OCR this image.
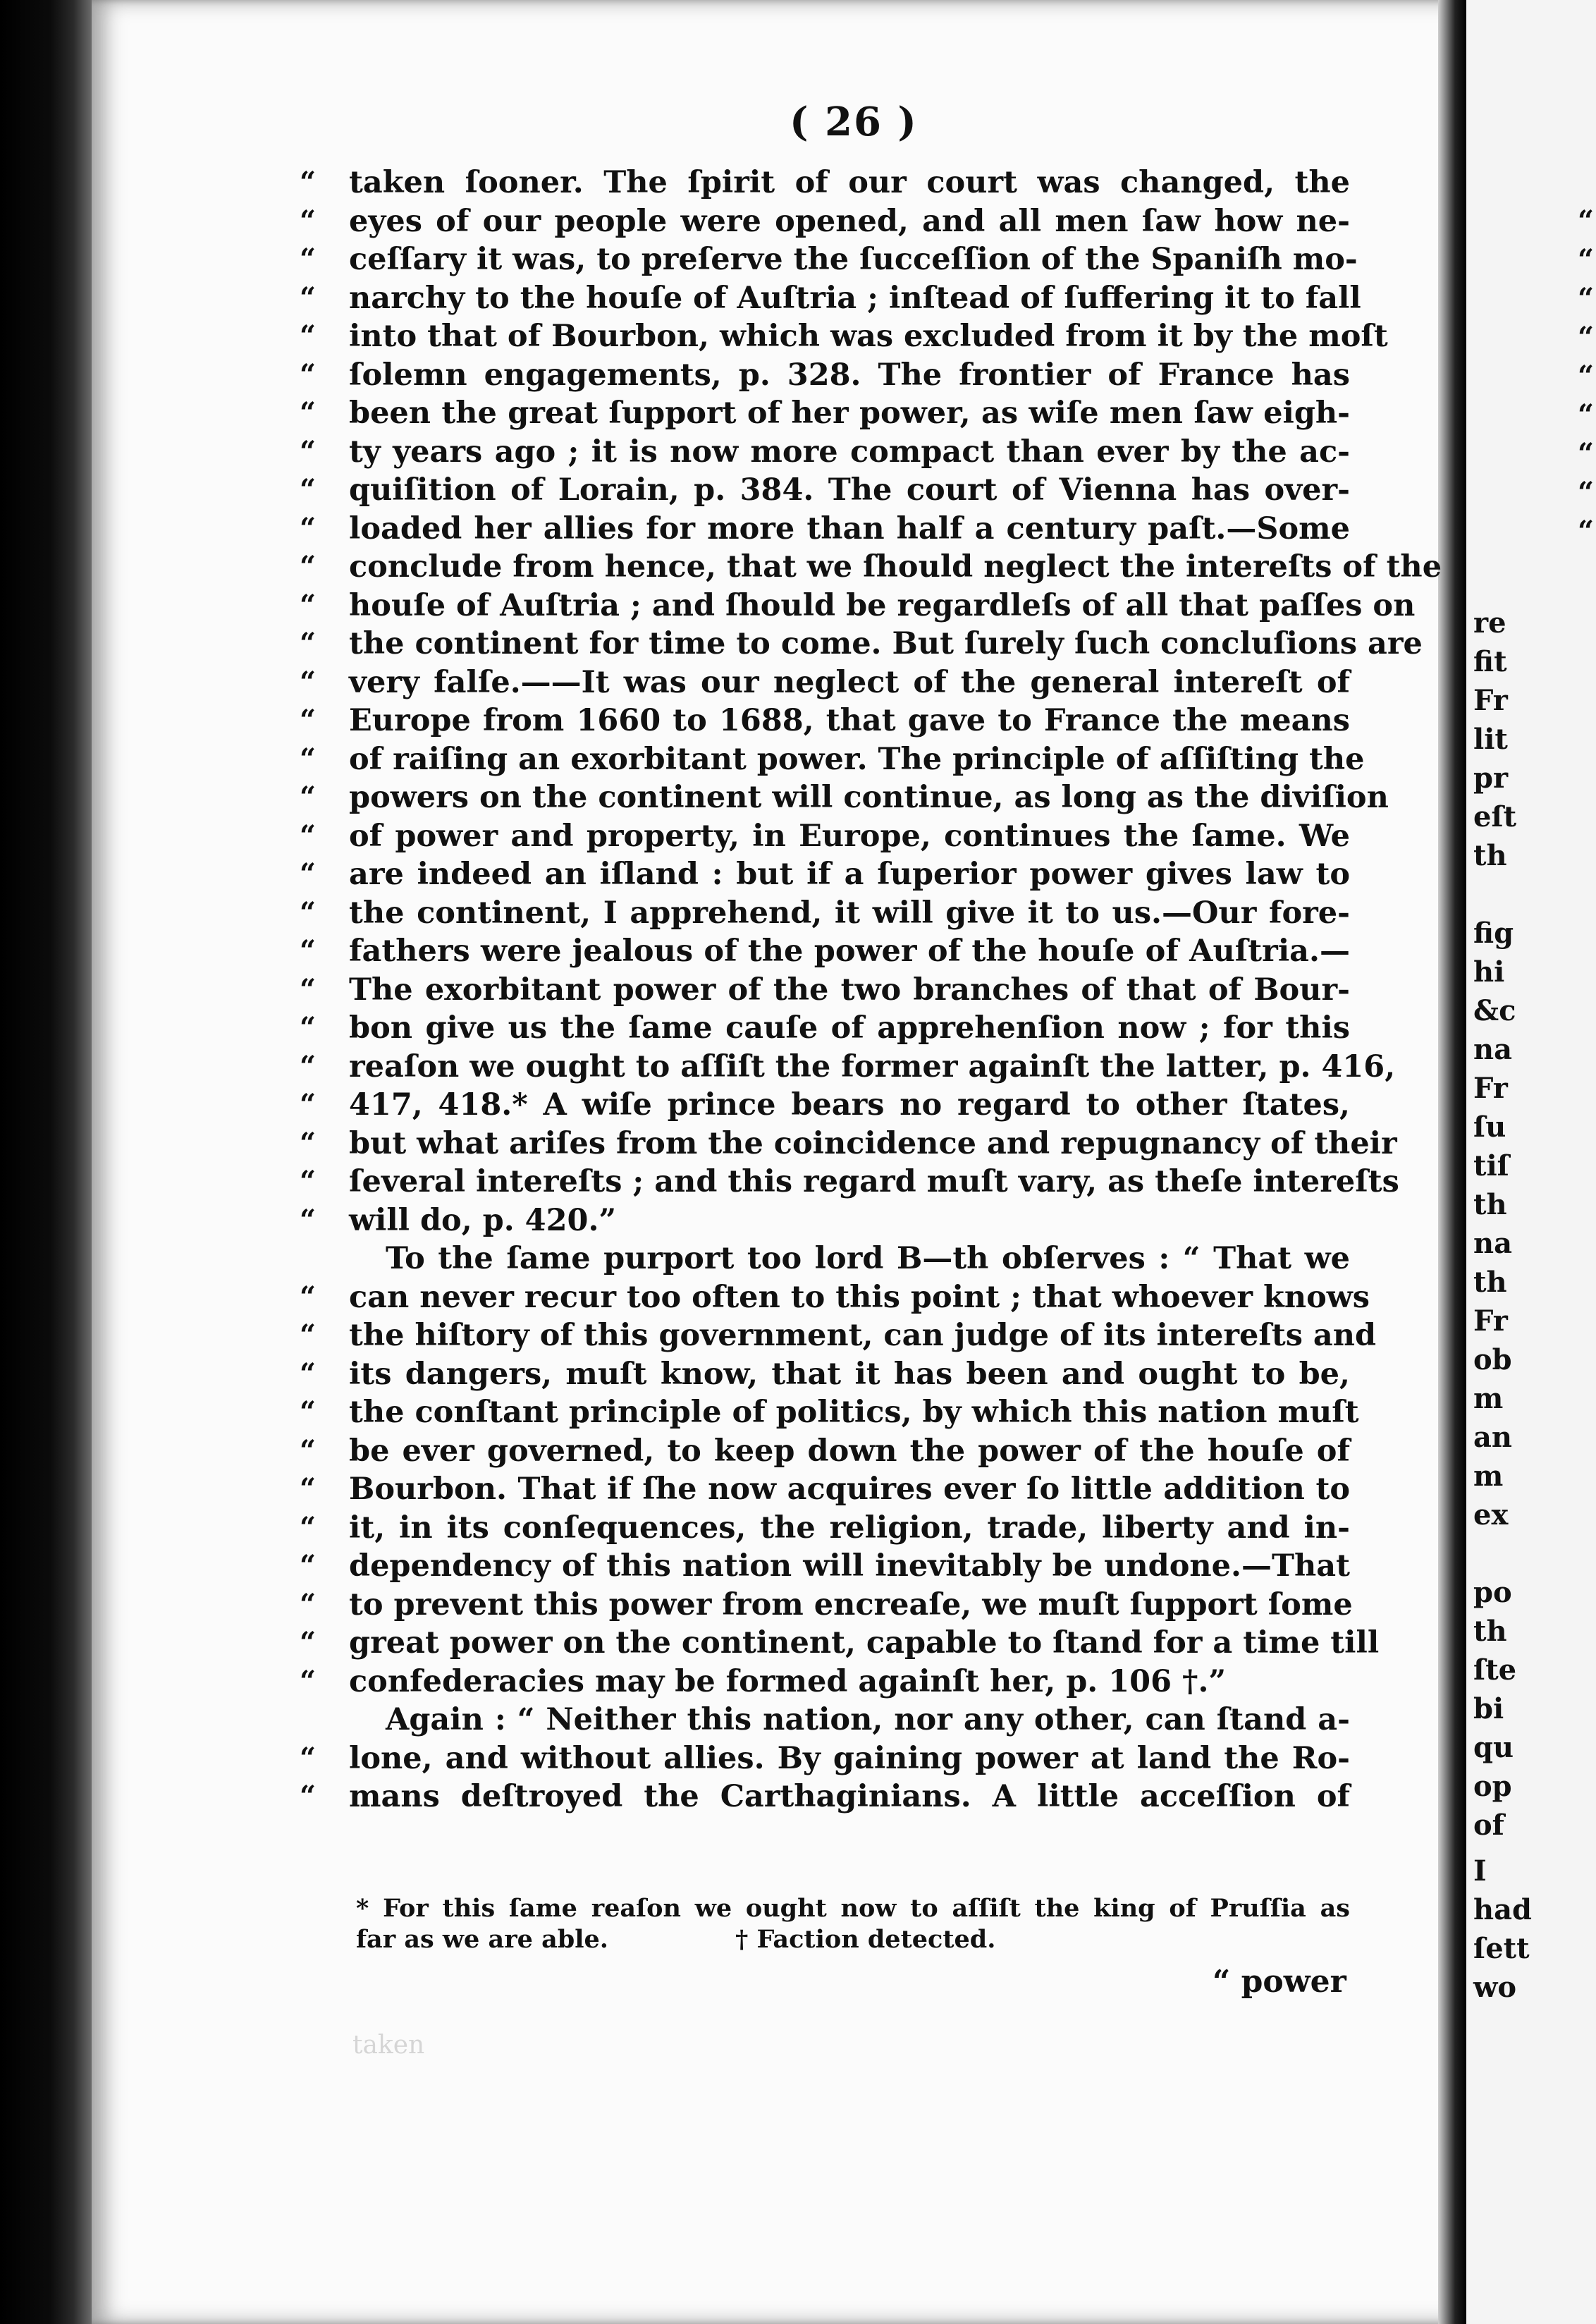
( 26 )
“ taken ſooner. The ſpirit of our court was changed, the
“ eyes of our people were opened, and all men ſaw how ne-
“ ceſſary it was, to preſerve the ſucceſſion of the Spaniſh mo-
“ narchy to the houſe of Auſtria ; inſtead of ſuffering it to fall
“ into that of Bourbon, which was excluded from it by the moſt
“ ſolemn engagements, p. 328. The frontier of France has
“ been the great ſupport of her power, as wiſe men ſaw eigh-
“ ty years ago ; it is now more compact than ever by the ac-
“ quiſition of Lorain, p. 384. The court of Vienna has over-
“ loaded her allies for more than half a century paſt.—Some
“ conclude from hence, that we ſhould neglect the intereſts of the
“ houſe of Auſtria ; and ſhould be regardleſs of all that paſſes on
“ the continent for time to come. But ſurely ſuch concluſions are
“ very falſe.——It was our neglect of the general intereſt of
“ Europe from 1660 to 1688, that gave to France the means
“ of raiſing an exorbitant power. The principle of aſſiſting the
“ powers on the continent will continue, as long as the diviſion
“ of power and property, in Europe, continues the ſame. We
“ are indeed an iſland : but if a ſuperior power gives law to
“ the continent, I apprehend, it will give it to us.—Our fore-
“ fathers were jealous of the power of the houſe of Auſtria.—
“ The exorbitant power of the two branches of that of Bour-
“ bon give us the ſame cauſe of apprehenſion now ; for this
“ reaſon we ought to aſſiſt the former againſt the latter, p. 416,
“ 417, 418.* A wiſe prince bears no regard to other ſtates,
“ but what ariſes from the coincidence and repugnancy of their
“ ſeveral intereſts ; and this regard muſt vary, as theſe intereſts
“ will do, p. 420.”
To the ſame purport too lord B—th obſerves : “ That we
“ can never recur too often to this point ; that whoever knows
“ the hiſtory of this government, can judge of its intereſts and
“ its dangers, muſt know, that it has been and ought to be,
“ the conſtant principle of politics, by which this nation muſt
“ be ever governed, to keep down the power of the houſe of
“ Bourbon. That if ſhe now acquires ever ſo little addition to
“ it, in its conſequences, the religion, trade, liberty and in-
“ dependency of this nation will inevitably be undone.—That
“ to prevent this power from encreaſe, we muſt ſupport ſome
“ great power on the continent, capable to ſtand for a time till
“ confederacies may be formed againſt her, p. 106 †.”
Again : “ Neither this nation, nor any other, can ſtand a-
“ lone, and without allies. By gaining power at land the Ro-
“ mans deſtroyed the Carthaginians. A little acceſſion of
* For this ſame reaſon we ought now to aſſiſt the king of Pruſſia as
far as we are able.	† Faction detected.
“ power
taken
re
fit
Fr
lit
pr
eſt
th
fig
hi
&c
na
Fr
ſu
tiſ
th
na
th
Fr
ob
m
an
m
ex
po
th
ſte
bi
qu
op
of
I
had
ſett
wo
“
“
“
“
“
“
“
“
“
